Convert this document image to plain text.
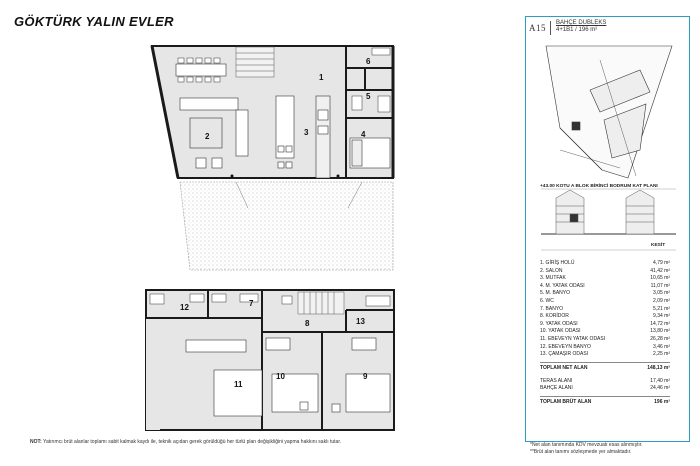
GÖKTÜRK YALIN EVLER
1
2	3	4
5
6
7
8
9
10
11
12
13
A15 BAHÇE DUBLEKS
4+1B1 / 196 m²
+43.00 KOTU A BLOK BİRİNCİ BODRUM KAT PLANI
KESİT
1. GİRİŞ HOLÜ	4,79 m²
2. SALON	41,42 m²
3. MUTFAK	10,65 m²
4. M. YATAK ODASI	11,07 m²
5. M. BANYO	3,05 m²
6. WC	2,09 m²
7. BANYO	5,21 m²
8. KORİDOR	9,34 m²
9. YATAK ODASI	14,72 m²
10. YATAK ODASI	13,80 m²
11. EBEVEYN YATAK ODASI	26,28 m²
12. EBEVEYN BANYO	3,46 m²
13. ÇAMAŞIR ODASI	2,25 m²
TOPLAM NET ALAN	148,13 m²
TERAS ALANI	17,40 m²
BAHÇE ALANI	24,46 m²
TOPLAM BRÜT ALAN	196 m²
*Net alan tanımında KDV mevzuatı esas alınmıştır.
**Brüt alan tanımı sözleşmede yer almaktadır.
NOT: Yatırımcı brüt alanlar toplamı sabit kalmak kaydı ile, teknik açıdan gerek görüldüğü her türlü plan değişikliğini yapma hakkını saklı tutar.
